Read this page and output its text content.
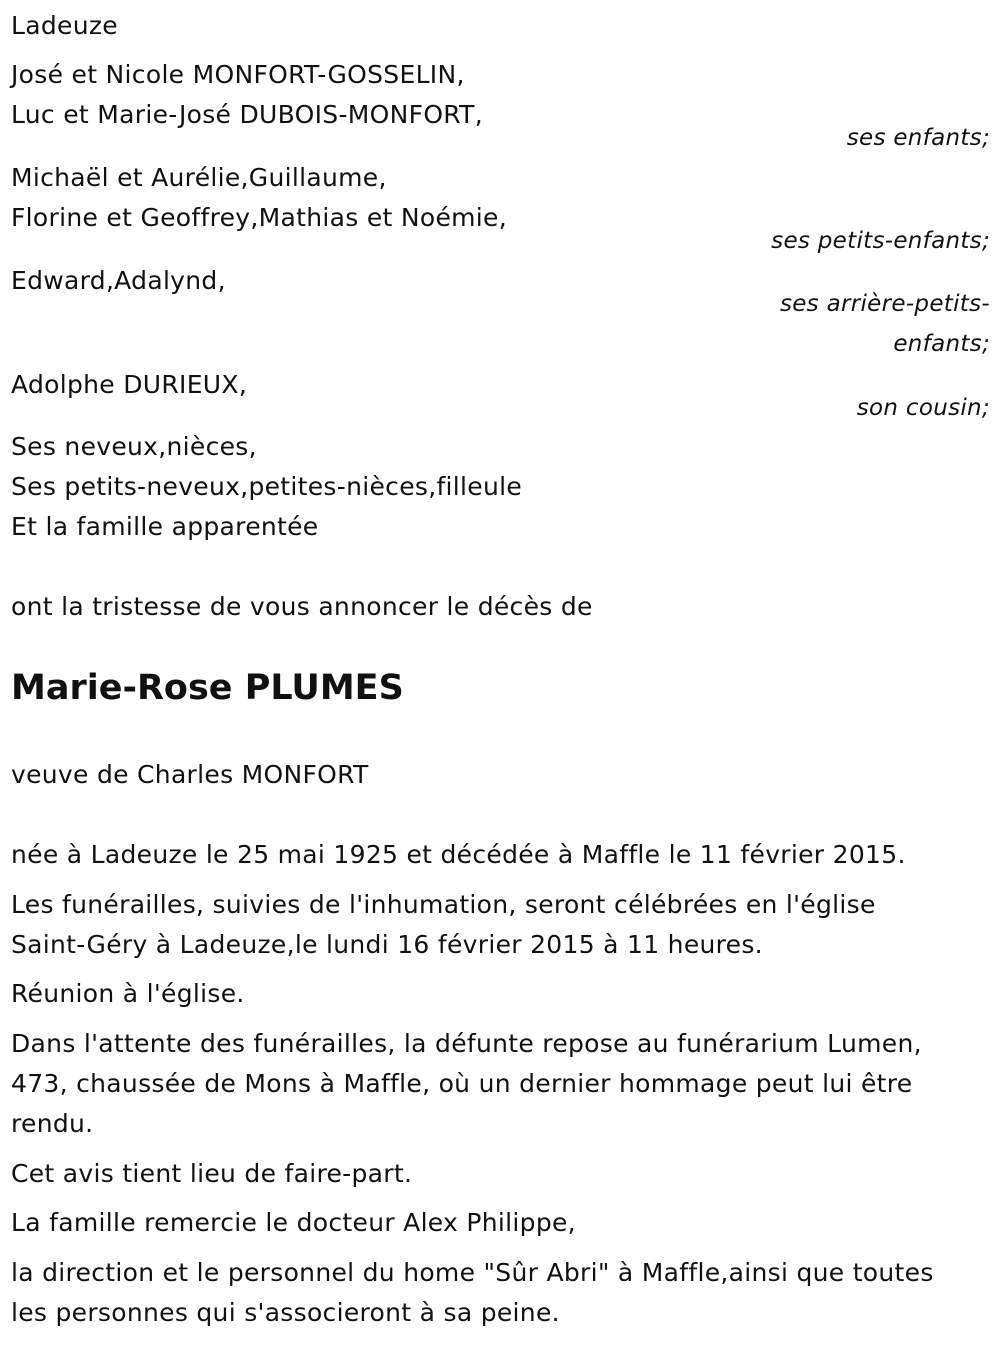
Ladeuze
José et Nicole MONFORT-GOSSELIN,
Luc et Marie-José DUBOIS-MONFORT,
ses enfants;
Michaël et Aurélie,Guillaume,
Florine et Geoffrey,Mathias et Noémie,
ses petits-enfants;
Edward,Adalynd,
ses arrière-petits-
enfants;
Adolphe DURIEUX,
son cousin;
Ses neveux,nièces,
Ses petits-neveux,petites-nièces,filleule
Et la famille apparentée
ont la tristesse de vous annoncer le décès de
Marie-Rose PLUMES
veuve de Charles MONFORT
née à Ladeuze le 25 mai 1925 et décédée à Maffle le 11 février 2015.
Les funérailles, suivies de l'inhumation, seront célébrées en l'église
Saint-Géry à Ladeuze,le lundi 16 février 2015 à 11 heures.
Réunion à l'église.
Dans l'attente des funérailles, la défunte repose au funérarium Lumen,
473, chaussée de Mons à Maffle, où un dernier hommage peut lui être
rendu.
Cet avis tient lieu de faire-part.
La famille remercie le docteur Alex Philippe,
la direction et le personnel du home "Sûr Abri" à Maffle,ainsi que toutes
les personnes qui s'associeront à sa peine.
